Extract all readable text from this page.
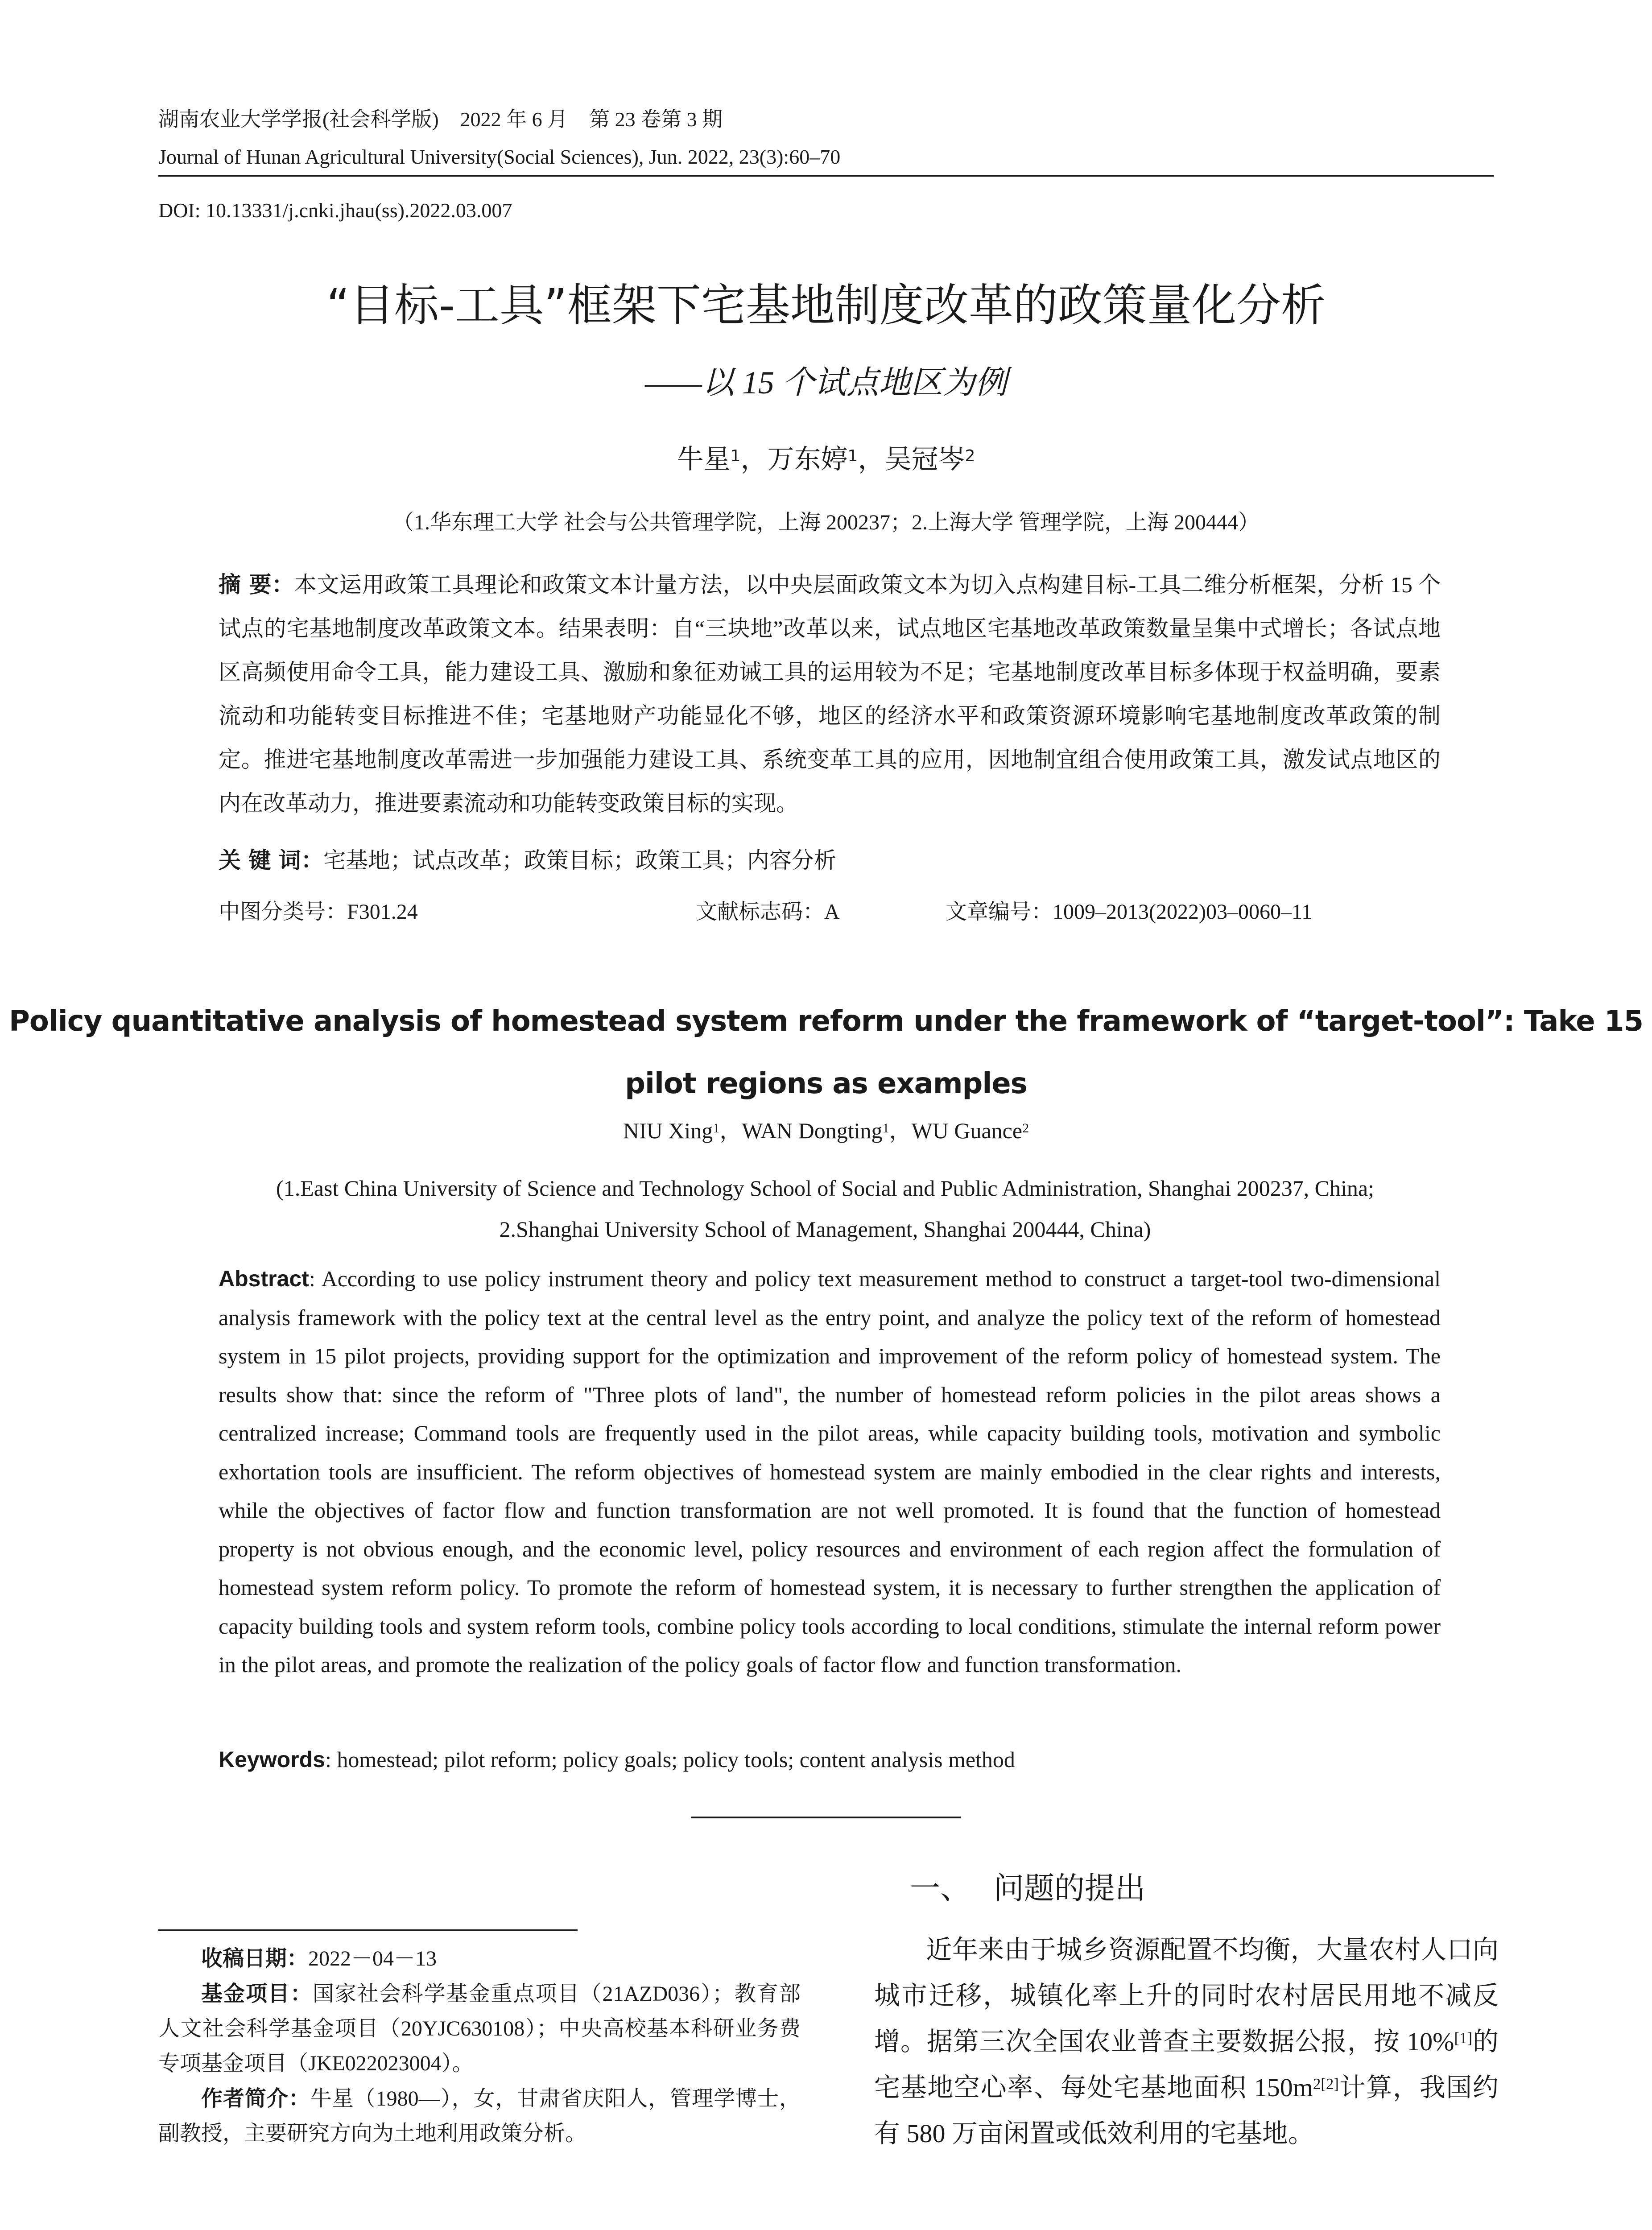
湖南农业大学学报(社会科学版) 2022 年 6 月 第 23 卷第 3 期
Journal of Hunan Agricultural University(Social Sciences), Jun. 2022, 23(3):60–70
DOI: 10.13331/j.cnki.jhau(ss).2022.03.007
“目标-工具”框架下宅基地制度改革的政策量化分析
——以 15 个试点地区为例
牛星$^1$，万东婷$^1$，吴冠岑$^2$
（1.华东理工大学 社会与公共管理学院，上海 200237；2.上海大学 管理学院，上海 200444）
摘 要：本文运用政策工具理论和政策文本计量方法，以中央层面政策文本为切入点构建目标-工具二维分析框架，分析 15 个试点的宅基地制度改革政策文本。结果表明：自“三块地”改革以来，试点地区宅基地改革政策数量呈集中式增长；各试点地区高频使用命令工具，能力建设工具、激励和象征劝诫工具的运用较为不足；宅基地制度改革目标多体现于权益明确，要素流动和功能转变目标推进不佳；宅基地财产功能显化不够，地区的经济水平和政策资源环境影响宅基地制度改革政策的制定。推进宅基地制度改革需进一步加强能力建设工具、系统变革工具的应用，因地制宜组合使用政策工具，激发试点地区的内在改革动力，推进要素流动和功能转变政策目标的实现。
关 键 词：宅基地；试点改革；政策目标；政策工具；内容分析
中图分类号：F301.24	文献标志码：A	文章编号：1009–2013(2022)03–0060–11
Policy quantitative analysis of homestead system reform under the framework of “target-tool”: Take 15 pilot regions as examples
NIU Xing$^1$，WAN Dongting$^1$，WU Guance$^2$
(1.East China University of Science and Technology School of Social and Public Administration, Shanghai 200237, China; 2.Shanghai University School of Management, Shanghai 200444, China)
Abstract: According to use policy instrument theory and policy text measurement method to construct a target-tool two-dimensional analysis framework with the policy text at the central level as the entry point, and analyze the policy text of the reform of homestead system in 15 pilot projects, providing support for the optimization and improvement of the reform policy of homestead system. The results show that: since the reform of "Three plots of land", the number of homestead reform policies in the pilot areas shows a centralized increase; Command tools are frequently used in the pilot areas, while capacity building tools, motivation and symbolic exhortation tools are insufficient. The reform objectives of homestead system are mainly embodied in the clear rights and interests, while the objectives of factor flow and function transformation are not well promoted. It is found that the function of homestead property is not obvious enough, and the economic level, policy resources and environment of each region affect the formulation of homestead system reform policy. To promote the reform of homestead system, it is necessary to further strengthen the application of capacity building tools and system reform tools, combine policy tools according to local conditions, stimulate the internal reform power in the pilot areas, and promote the realization of the policy goals of factor flow and function transformation.
Keywords: homestead; pilot reform; policy goals; policy tools; content analysis method

收稿日期：2022－04－13

基金项目：国家社会科学基金重点项目（21AZD036）；教育部人文社会科学基金项目（20YJC630108）；中央高校基本科研业务费专项基金项目（JKE022023004）。

作者简介：牛星（1980—），女，甘肃省庆阳人，管理学博士，副教授，主要研究方向为土地利用政策分析。

一、 问题的提出
近年来由于城乡资源配置不均衡，大量农村人口向城市迁移，城镇化率上升的同时农村居民用地不减反增。据第三次全国农业普查主要数据公报，按 10%[1]的宅基地空心率、每处宅基地面积 $150m^{2[2]}$计算，我国约有 580 万亩闲置或低效利用的宅基地。
